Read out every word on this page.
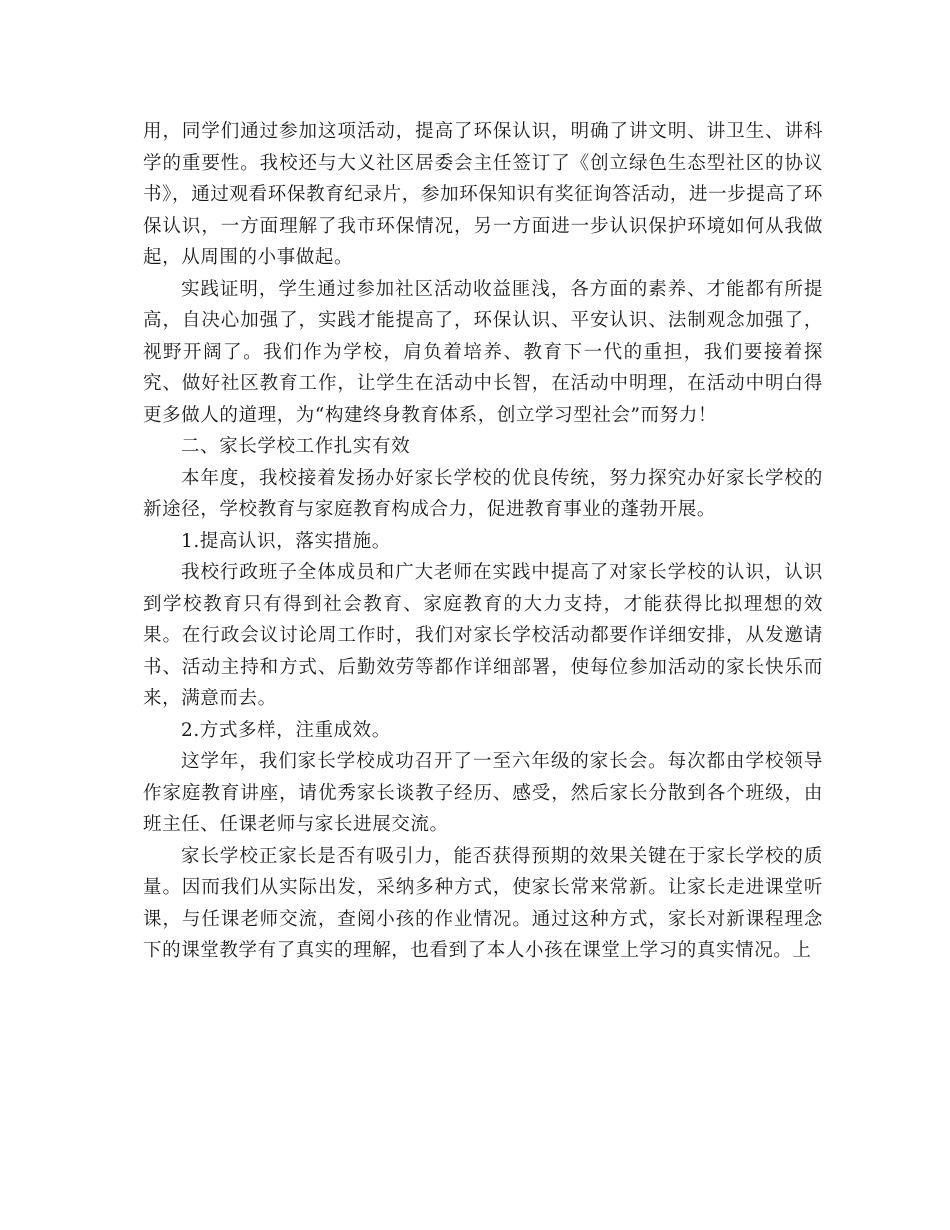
用，同学们通过参加这项活动，提高了环保认识，明确了讲文明、讲卫生、讲科学的重要性。我校还与大义社区居委会主任签订了《创立绿色生态型社区的协议书》，通过观看环保教育纪录片，参加环保知识有奖征询答活动，进一步提高了环保认识，一方面理解了我市环保情况，另一方面进一步认识保护环境如何从我做起，从周围的小事做起。

实践证明，学生通过参加社区活动收益匪浅，各方面的素养、才能都有所提高，自决心加强了，实践才能提高了，环保认识、平安认识、法制观念加强了，视野开阔了。我们作为学校，肩负着培养、教育下一代的重担，我们要接着探究、做好社区教育工作，让学生在活动中长智，在活动中明理，在活动中明白得更多做人的道理，为“构建终身教育体系，创立学习型社会”而努力！

二、家长学校工作扎实有效

本年度，我校接着发扬办好家长学校的优良传统，努力探究办好家长学校的新途径，学校教育与家庭教育构成合力，促进教育事业的蓬勃开展。

1.提高认识，落实措施。

我校行政班子全体成员和广大老师在实践中提高了对家长学校的认识，认识到学校教育只有得到社会教育、家庭教育的大力支持，才能获得比拟理想的效果。在行政会议讨论周工作时，我们对家长学校活动都要作详细安排，从发邀请书、活动主持和方式、后勤效劳等都作详细部署，使每位参加活动的家长快乐而来，满意而去。

2.方式多样，注重成效。

这学年，我们家长学校成功召开了一至六年级的家长会。每次都由学校领导作家庭教育讲座，请优秀家长谈教子经历、感受，然后家长分散到各个班级，由班主任、任课老师与家长进展交流。

家长学校正家长是否有吸引力，能否获得预期的效果关键在于家长学校的质量。因而我们从实际出发，采纳多种方式，使家长常来常新。让家长走进课堂听课，与任课老师交流，查阅小孩的作业情况。通过这种方式，家长对新课程理念下的课堂教学有了真实的理解，也看到了本人小孩在课堂上学习的真实情况。上
